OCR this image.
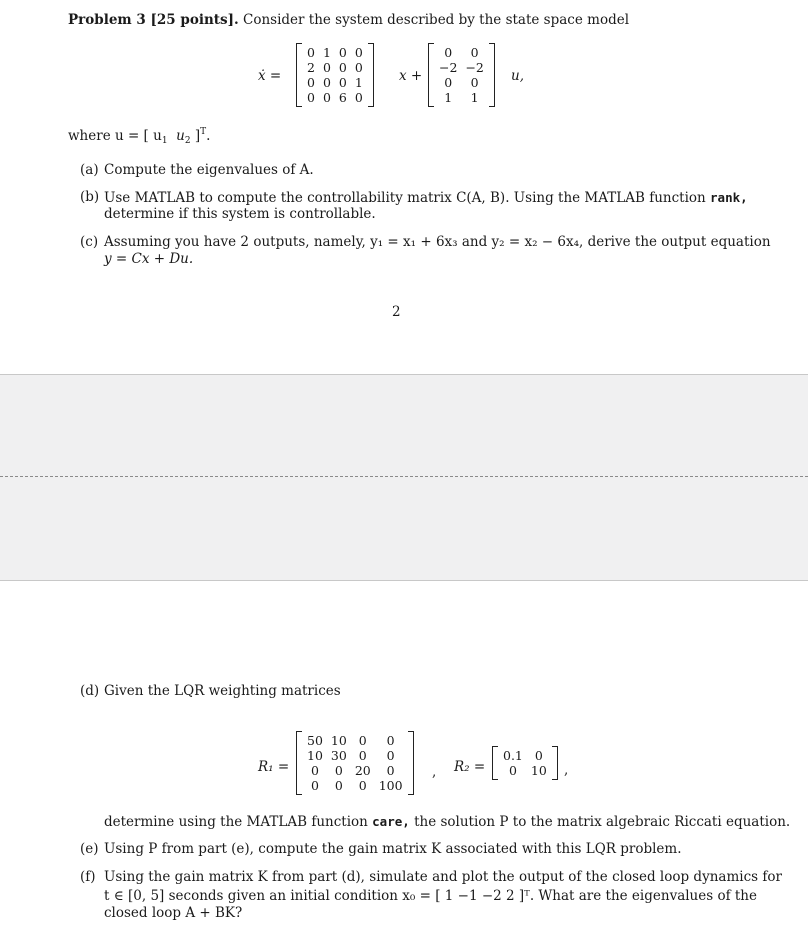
Problem 3 [25 points]. Consider the system described by the state space model
ẋ =
0	1	0	0
2	0	0	0
0	0	0	1
0	0	6	0
x +
0	0
−2	−2
0	0
1	1
u,
where u = [ $u_1$ $u_2$ ]$^T$.
(a) Compute the eigenvalues of A.
(b) Use MATLAB to compute the controllability matrix C(A, B). Using the MATLAB function rank,
determine if this system is controllable.
(c) Assuming you have 2 outputs, namely, y₁ = x₁ + 6x₃ and y₂ = x₂ − 6x₄, derive the output equation
y = Cx + Du.
2
(d) Given the LQR weighting matrices
R₁ =
50	10	0	0
10	30	0	0
0	0	20	0
0	0	0	100
, R₂ =
0.1	0
0	10 ,
determine using the MATLAB function care, the solution P to the matrix algebraic Riccati equation.
(e) Using P from part (e), compute the gain matrix K associated with this LQR problem.
(f) Using the gain matrix K from part (d), simulate and plot the output of the closed loop dynamics for
t ∈ [0, 5] seconds given an initial condition x₀ = [ 1 −1 −2 2 ]ᵀ. What are the eigenvalues of the
closed loop A + BK?
